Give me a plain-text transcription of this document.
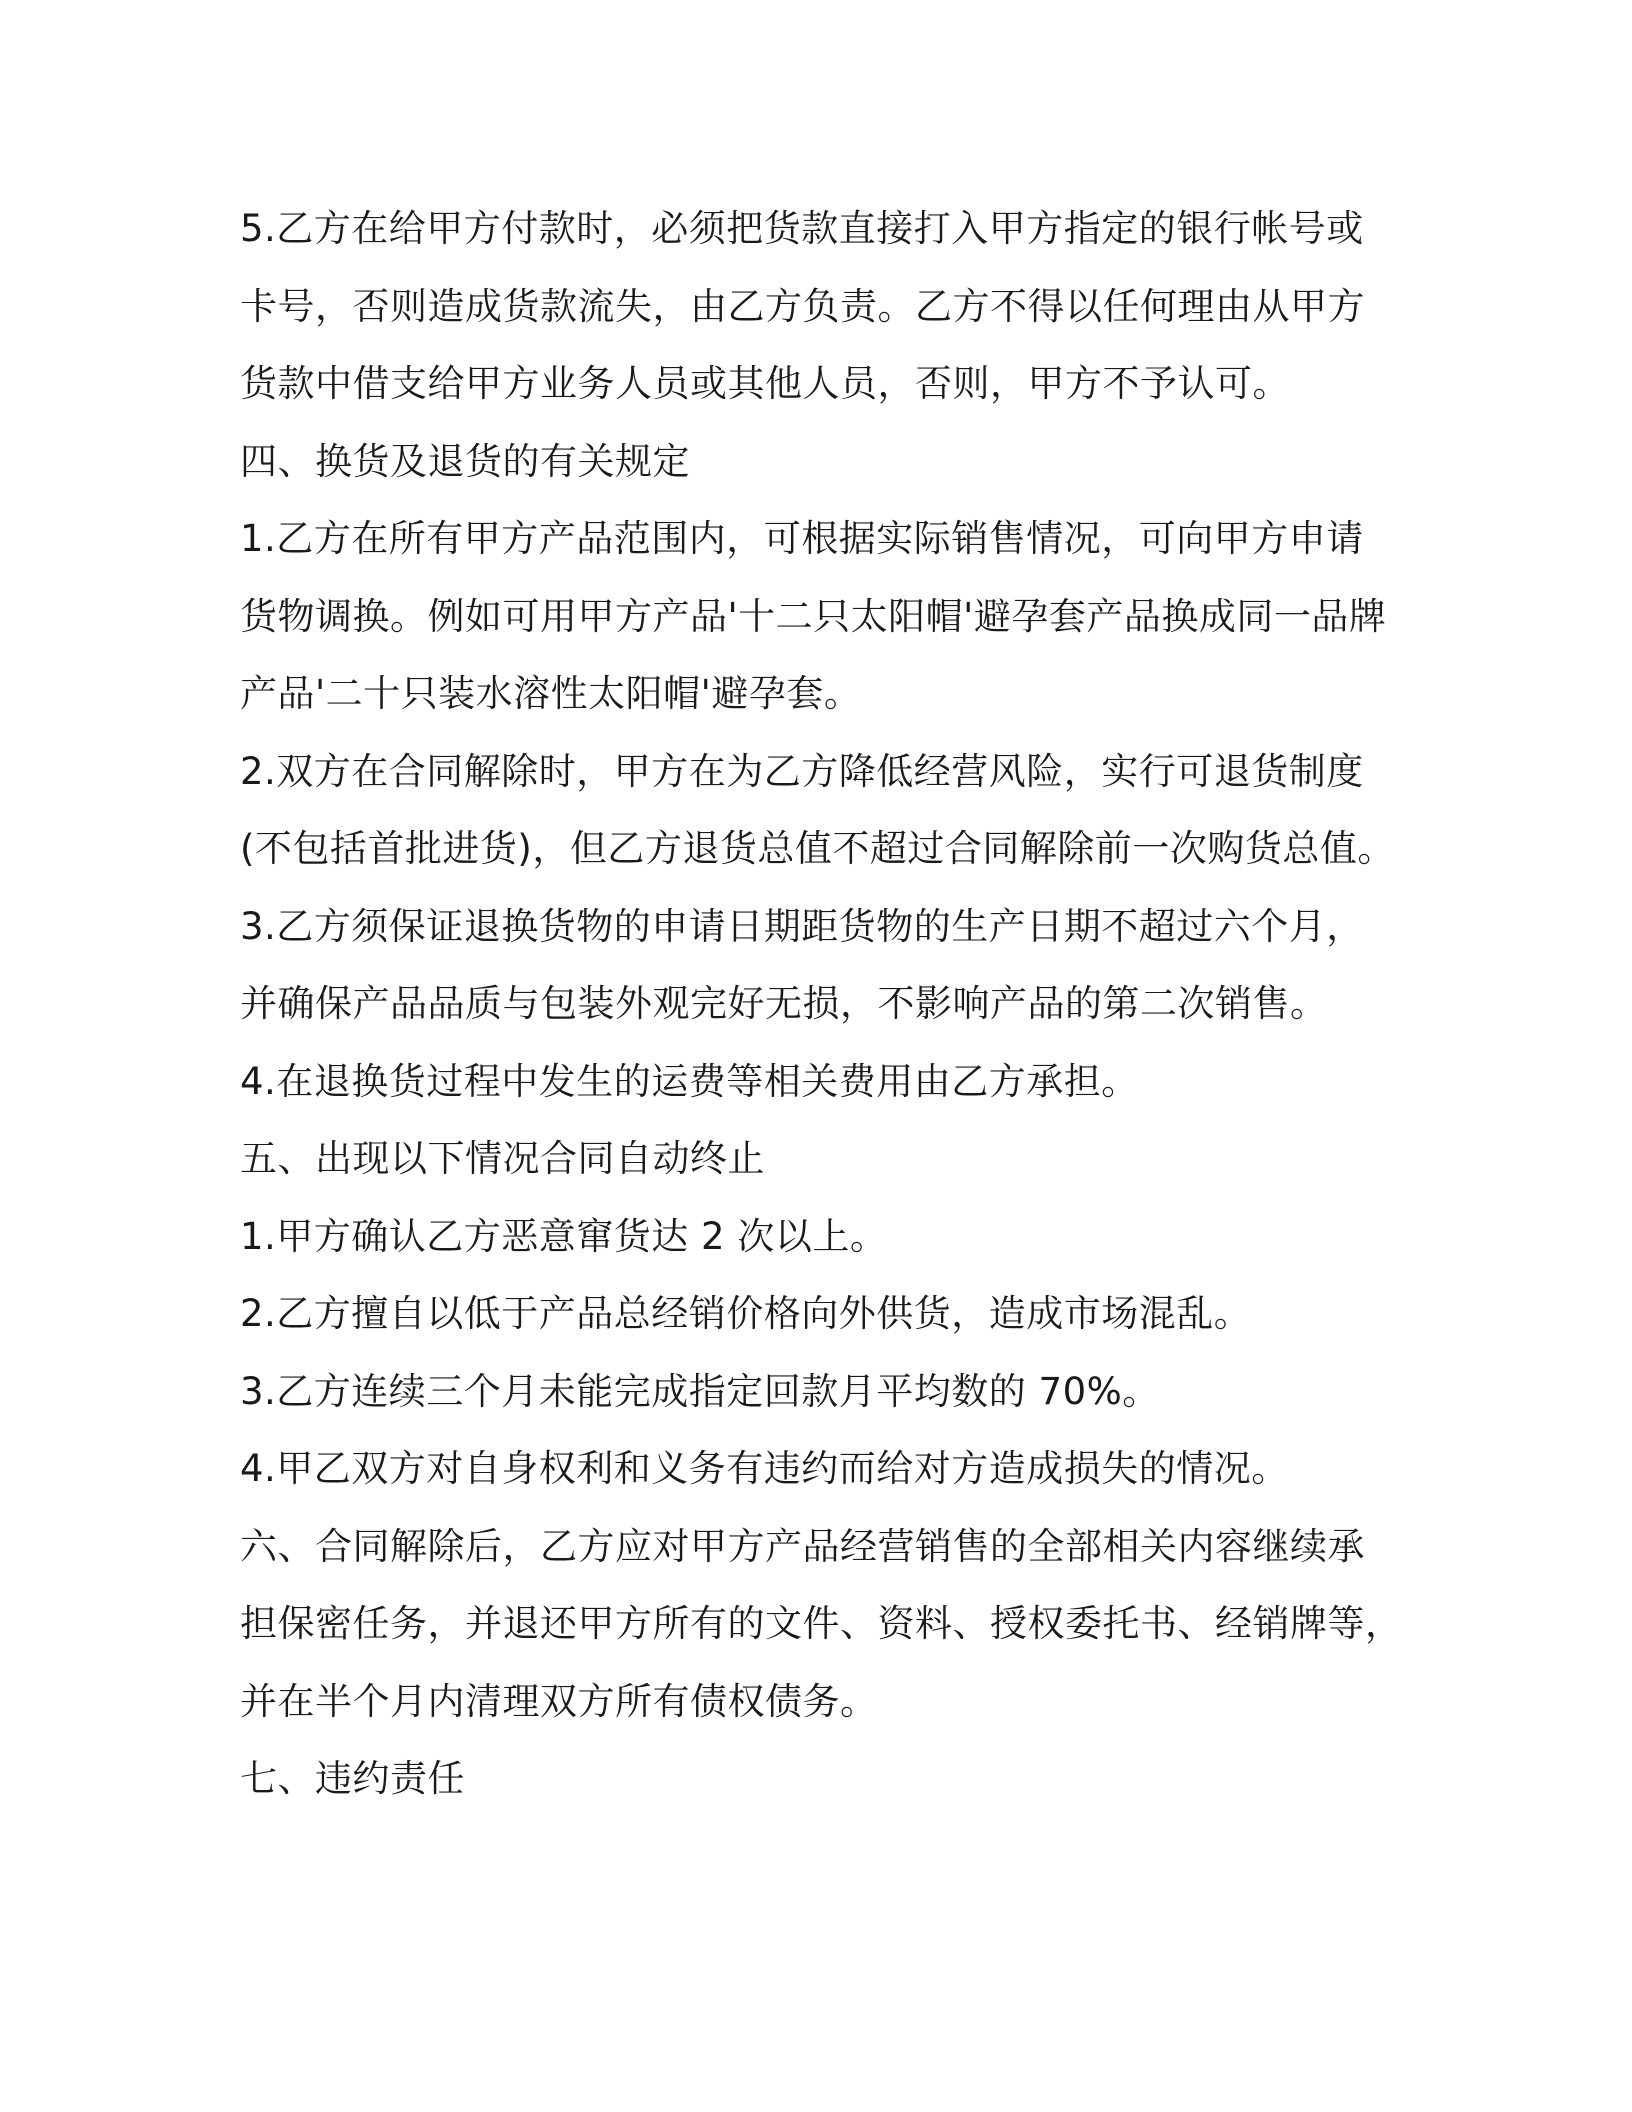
5.乙方在给甲方付款时，必须把货款直接打入甲方指定的银行帐号或
卡号，否则造成货款流失，由乙方负责。乙方不得以任何理由从甲方
货款中借支给甲方业务人员或其他人员，否则，甲方不予认可。
四、换货及退货的有关规定
1.乙方在所有甲方产品范围内，可根据实际销售情况，可向甲方申请
货物调换。例如可用甲方产品'十二只太阳帽'避孕套产品换成同一品牌
产品'二十只装水溶性太阳帽'避孕套。
2.双方在合同解除时，甲方在为乙方降低经营风险，实行可退货制度
(不包括首批进货)，但乙方退货总值不超过合同解除前一次购货总值。
3.乙方须保证退换货物的申请日期距货物的生产日期不超过六个月，
并确保产品品质与包装外观完好无损，不影响产品的第二次销售。
4.在退换货过程中发生的运费等相关费用由乙方承担。
五、出现以下情况合同自动终止
1.甲方确认乙方恶意窜货达 2 次以上。
2.乙方擅自以低于产品总经销价格向外供货，造成市场混乱。
3.乙方连续三个月未能完成指定回款月平均数的 70%。
4.甲乙双方对自身权利和义务有违约而给对方造成损失的情况。
六、合同解除后，乙方应对甲方产品经营销售的全部相关内容继续承
担保密任务，并退还甲方所有的文件、资料、授权委托书、经销牌等，
并在半个月内清理双方所有债权债务。
七、违约责任
